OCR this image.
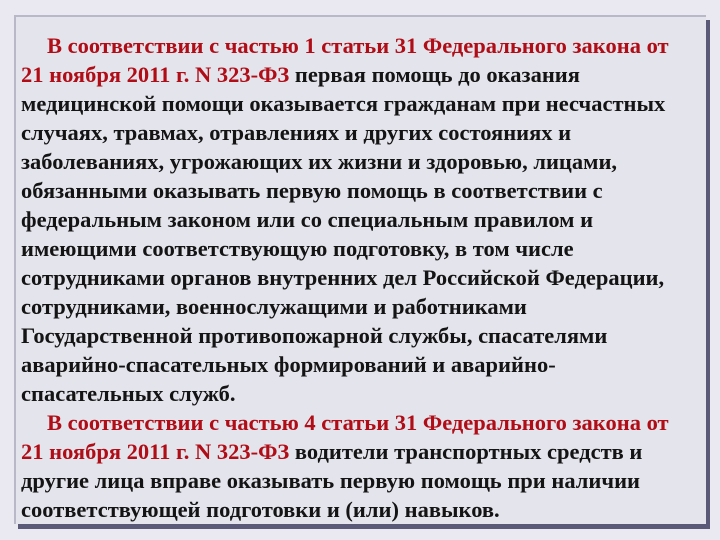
В соответствии с частью 1 статьи 31 Федерального закона от
21 ноября 2011 г. N 323-ФЗ первая помощь до оказания
медицинской помощи оказывается гражданам при несчастных
случаях, травмах, отравлениях и других состояниях и
заболеваниях, угрожающих их жизни и здоровью, лицами,
обязанными оказывать первую помощь в соответствии с
федеральным законом или со специальным правилом и
имеющими соответствующую подготовку, в том числе
сотрудниками органов внутренних дел Российской Федерации,
сотрудниками, военнослужащими и работниками
Государственной противопожарной службы, спасателями
аварийно-спасательных формирований и аварийно-
спасательных служб.
В соответствии с частью 4 статьи 31 Федерального закона от
21 ноября 2011 г. N 323-ФЗ водители транспортных средств и
другие лица вправе оказывать первую помощь при наличии
соответствующей подготовки и (или) навыков.
